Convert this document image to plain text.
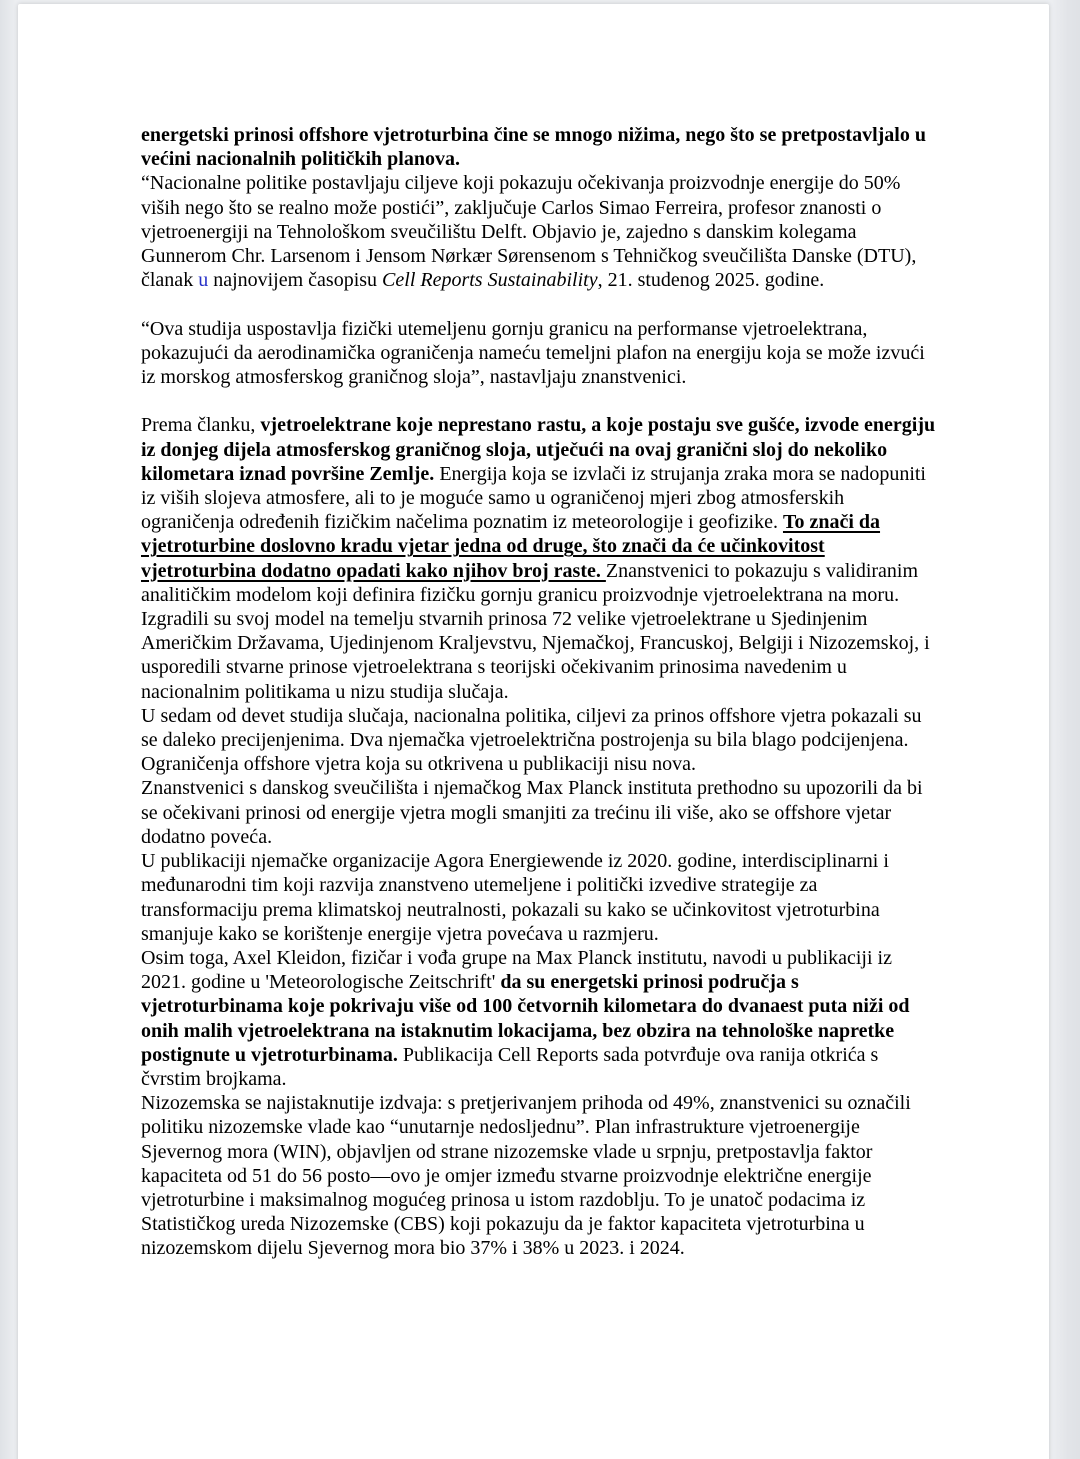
energetski prinosi offshore vjetroturbina čine se mnogo nižima, nego što se pretpostavljalo u većini nacionalnih političkih planova.

“Nacionalne politike postavljaju ciljeve koji pokazuju očekivanja proizvodnje energije do 50% viših nego što se realno može postići”, zaključuje Carlos Simao Ferreira, profesor znanosti o vjetroenergiji na Tehnološkom sveučilištu Delft. Objavio je, zajedno s danskim kolegama Gunnerom Chr. Larsenom i Jensom Nørkær Sørensenom s Tehničkog sveučilišta Danske (DTU), članak u najnovijem časopisu Cell Reports Sustainability, 21. studenog 2025. godine.

“Ova studija uspostavlja fizički utemeljenu gornju granicu na performanse vjetroelektrana, pokazujući da aerodinamička ograničenja nameću temeljni plafon na energiju koja se može izvući iz morskog atmosferskog graničnog sloja”, nastavljaju znanstvenici.

Prema članku, vjetroelektrane koje neprestano rastu, a koje postaju sve gušće, izvode energiju iz donjeg dijela atmosferskog graničnog sloja, utječući na ovaj granični sloj do nekoliko kilometara iznad površine Zemlje. Energija koja se izvlači iz strujanja zraka mora se nadopuniti iz viših slojeva atmosfere, ali to je moguće samo u ograničenoj mjeri zbog atmosferskih ograničenja određenih fizičkim načelima poznatim iz meteorologije i geofizike. To znači da vjetroturbine doslovno kradu vjetar jedna od druge, što znači da će učinkovitost vjetroturbina dodatno opadati kako njihov broj raste. Znanstvenici to pokazuju s validiranim analitičkim modelom koji definira fizičku gornju granicu proizvodnje vjetroelektrana na moru.

Izgradili su svoj model na temelju stvarnih prinosa 72 velike vjetroelektrane u Sjedinjenim Američkim Državama, Ujedinjenom Kraljevstvu, Njemačkoj, Francuskoj, Belgiji i Nizozemskoj, i usporedili stvarne prinose vjetroelektrana s teorijski očekivanim prinosima navedenim u nacionalnim politikama u nizu studija slučaja.

U sedam od devet studija slučaja, nacionalna politika, ciljevi za prinos offshore vjetra pokazali su se daleko precijenjenima. Dva njemačka vjetroelektrična postrojenja su bila blago podcijenjena. Ograničenja offshore vjetra koja su otkrivena u publikaciji nisu nova.

Znanstvenici s danskog sveučilišta i njemačkog Max Planck instituta prethodno su upozorili da bi se očekivani prinosi od energije vjetra mogli smanjiti za trećinu ili više, ako se offshore vjetar dodatno poveća.

U publikaciji njemačke organizacije Agora Energiewende iz 2020. godine, interdisciplinarni i međunarodni tim koji razvija znanstveno utemeljene i politički izvedive strategije za transformaciju prema klimatskoj neutralnosti, pokazali su kako se učinkovitost vjetroturbina smanjuje kako se korištenje energije vjetra povećava u razmjeru.

Osim toga, Axel Kleidon, fizičar i vođa grupe na Max Planck institutu, navodi u publikaciji iz 2021. godine u 'Meteorologische Zeitschrift' da su energetski prinosi područja s vjetroturbinama koje pokrivaju više od 100 četvornih kilometara do dvanaest puta niži od onih malih vjetroelektrana na istaknutim lokacijama, bez obzira na tehnološke napretke postignute u vjetroturbinama. Publikacija Cell Reports sada potvrđuje ova ranija otkrića s čvrstim brojkama.

Nizozemska se najistaknutije izdvaja: s pretjerivanjem prihoda od 49%, znanstvenici su označili politiku nizozemske vlade kao “unutarnje nedosljednu”. Plan infrastrukture vjetroenergije Sjevernog mora (WIN), objavljen od strane nizozemske vlade u srpnju, pretpostavlja faktor kapaciteta od 51 do 56 posto—ovo je omjer između stvarne proizvodnje električne energije vjetroturbine i maksimalnog mogućeg prinosa u istom razdoblju. To je unatoč podacima iz Statističkog ureda Nizozemske (CBS) koji pokazuju da je faktor kapaciteta vjetroturbina u nizozemskom dijelu Sjevernog mora bio 37% i 38% u 2023. i 2024.
